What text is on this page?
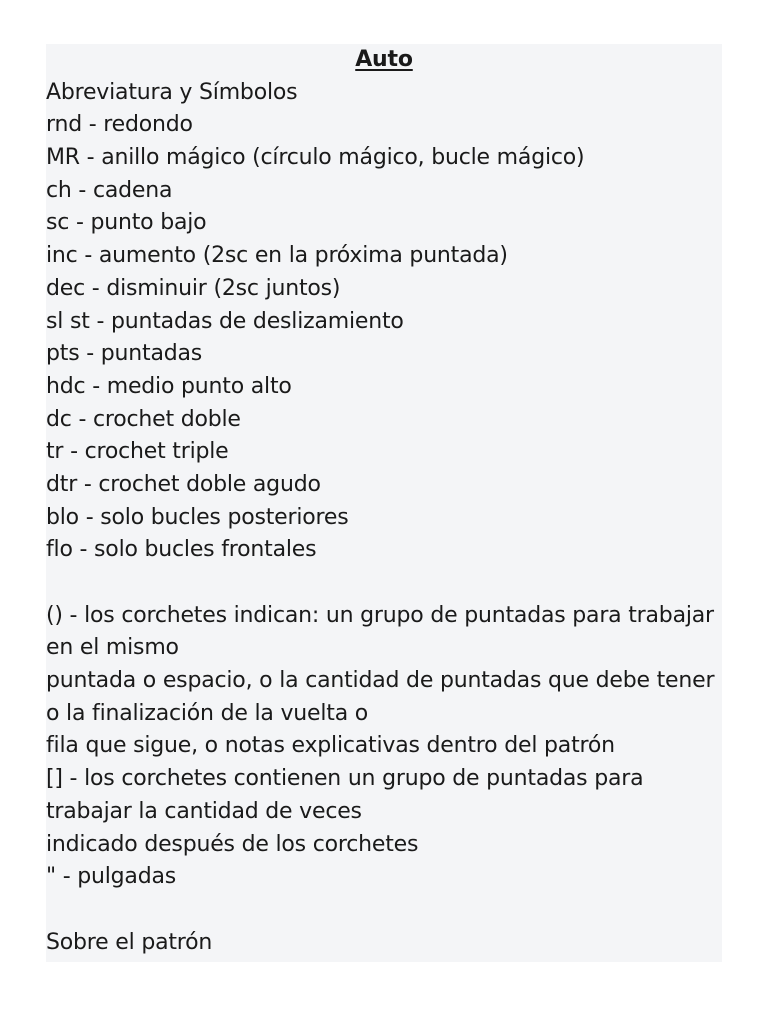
Auto
Abreviatura y Símbolos
rnd - redondo
MR - anillo mágico (círculo mágico, bucle mágico)
ch - cadena
sc - punto bajo
inc - aumento (2sc en la próxima puntada)
dec - disminuir (2sc juntos)
sl st - puntadas de deslizamiento
pts - puntadas
hdc - medio punto alto
dc - crochet doble
tr - crochet triple
dtr - crochet doble agudo
blo - solo bucles posteriores
flo - solo bucles frontales
() - los corchetes indican: un grupo de puntadas para trabajar
en el mismo
puntada o espacio, o la cantidad de puntadas que debe tener
o la finalización de la vuelta o
fila que sigue, o notas explicativas dentro del patrón
[] - los corchetes contienen un grupo de puntadas para
trabajar la cantidad de veces
indicado después de los corchetes
" - pulgadas
Sobre el patrón
